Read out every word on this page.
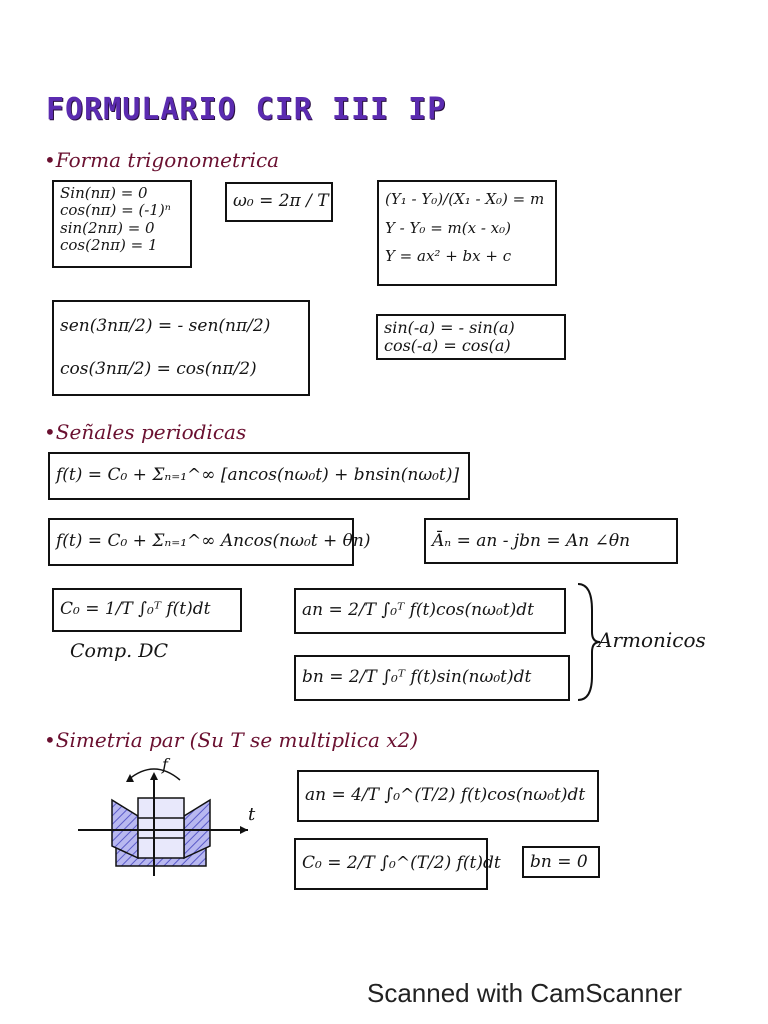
FORMULARIO CIR III IP
•Forma trigonometrica
Sin(nπ) = 0
cos(nπ) = (-1)ⁿ
sin(2nπ) = 0
cos(2nπ) = 1
ω₀ = 2π / T	(Y₁ - Y₀)/(X₁ - X₀) = m
Y - Y₀ = m(x - x₀)
Y = ax² + bx + c
sen(3nπ/2) = - sen(nπ/2)
cos(3nπ/2) = cos(nπ/2)
sin(-a) = - sin(a)
cos(-a) = cos(a)
•Señales periodicas
f(t) = C₀ + Σₙ₌₁^∞ [ancos(nω₀t) + bnsin(nω₀t)]
f(t) = C₀ + Σₙ₌₁^∞ Ancos(nω₀t + θn)	Āₙ = an - jbn = An ∠θn
C₀ = 1/T ∫₀ᵀ f(t)dt
Comp. DC
an = 2/T ∫₀ᵀ f(t)cos(nω₀t)dt
bn = 2/T ∫₀ᵀ f(t)sin(nω₀t)dt
Armonicos
•Simetria par (Su T se multiplica x2)
f
t
an = 4/T ∫₀^(T/2) f(t)cos(nω₀t)dt
C₀ = 2/T ∫₀^(T/2) f(t)dt bn = 0
Scanned with CamScanner
